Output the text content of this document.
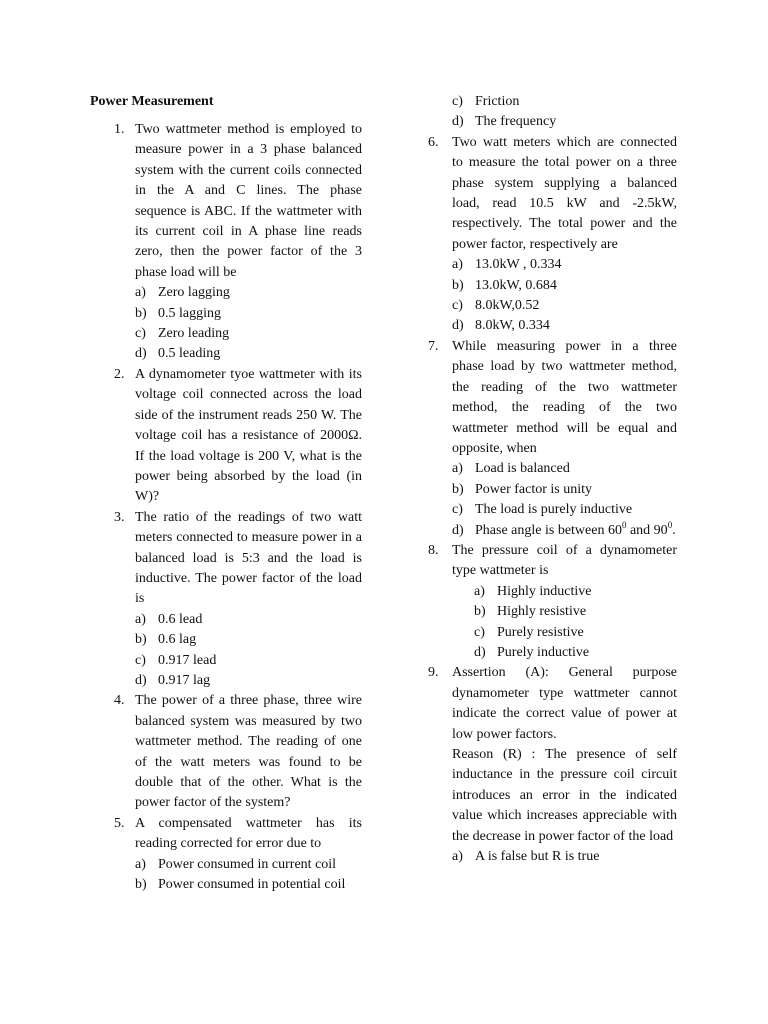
Power Measurement
1. Two wattmeter method is employed to measure power in a 3 phase balanced system with the current coils connected in the A and C lines. The phase sequence is ABC. If the wattmeter with its current coil in A phase line reads zero, then the power factor of the 3 phase load will be
a) Zero lagging
b) 0.5 lagging
c) Zero leading
d) 0.5 leading
2. A dynamometer tyoe wattmeter with its voltage coil connected across the load side of the instrument reads 250 W. The voltage coil has a resistance of 2000Ω. If the load voltage is 200 V, what is the power being absorbed by the load (in W)?
3. The ratio of the readings of two watt meters connected to measure power in a balanced load is 5:3 and the load is inductive. The power factor of the load is
a) 0.6 lead
b) 0.6 lag
c) 0.917 lead
d) 0.917 lag
4. The power of a three phase, three wire balanced system was measured by two wattmeter method. The reading of one of the watt meters was found to be double that of the other. What is the power factor of the system?
5. A compensated wattmeter has its reading corrected for error due to
a) Power consumed in current coil
b) Power consumed in potential coil
c) Friction
d) The frequency
6. Two watt meters which are connected to measure the total power on a three phase system supplying a balanced load, read 10.5 kW and -2.5kW, respectively. The total power and the power factor, respectively are
a) 13.0kW , 0.334
b) 13.0kW, 0.684
c) 8.0kW,0.52
d) 8.0kW, 0.334
7. While measuring power in a three phase load by two wattmeter method, the reading of the two wattmeter method, the reading of the two wattmeter method will be equal and opposite, when
a) Load is balanced
b) Power factor is unity
c) The load is purely inductive
d) Phase angle is between $60^0$ and $90^0$.
8. The pressure coil of a dynamometer type wattmeter is
a) Highly inductive
b) Highly resistive
c) Purely resistive
d) Purely inductive
9. Assertion (A): General purpose dynamometer type wattmeter cannot indicate the correct value of power at low power factors.
Reason (R) : The presence of self inductance in the pressure coil circuit introduces an error in the indicated value which increases appreciable with the decrease in power factor of the load
a) A is false but R is true
